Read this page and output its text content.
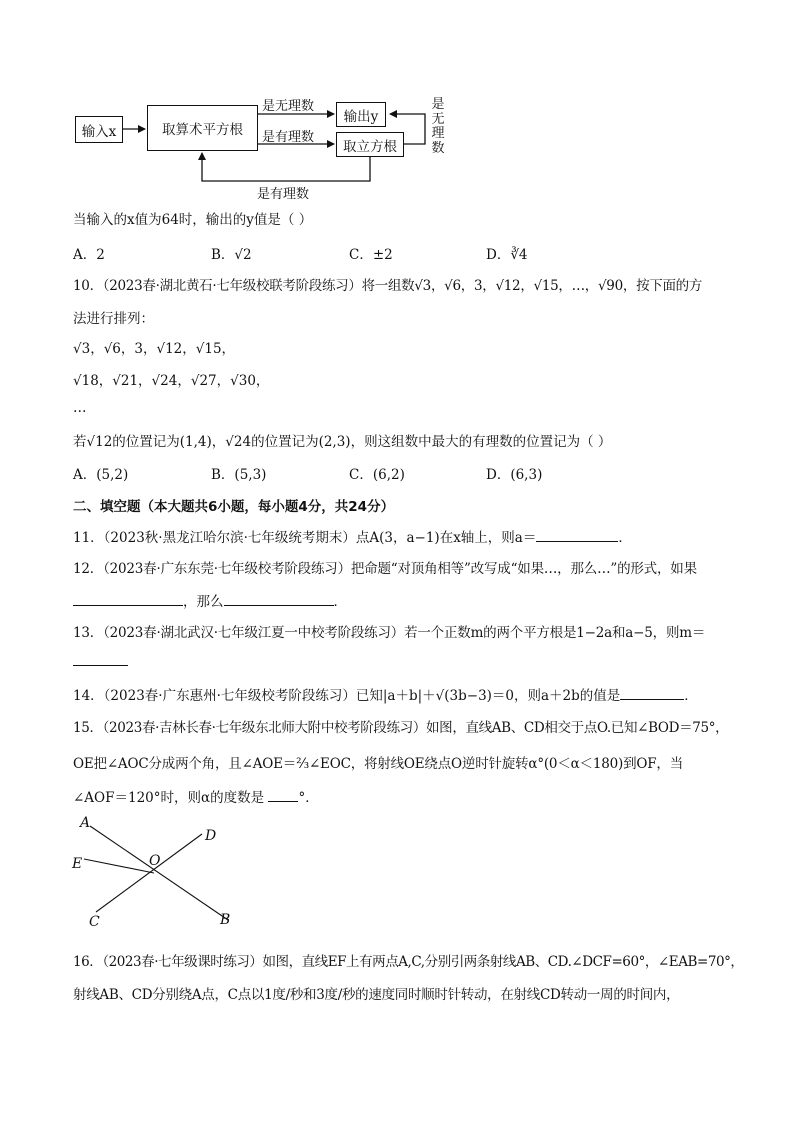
输入x	取算术平方根
输出y
取立方根
是无理数
是有理数
是有理数
是
无
理
数
当输入的x值为64时，输出的y值是（ ）
A．2	B．√2	C．±2	D．∛4
10．（2023春·湖北黄石·七年级校联考阶段练习）将一组数√3，√6，3，√12，√15，…，√90，按下面的方
法进行排列：
√3，√6，3，√12，√15，
√18，√21，√24，√27，√30，
…
若√12的位置记为(1,4)，√24的位置记为(2,3)，则这组数中最大的有理数的位置记为（ ）
A．(5,2)	B．(5,3)	C．(6,2)	D．(6,3)
二、填空题（本大题共6小题，每小题4分，共24分）
11．（2023秋·黑龙江哈尔滨·七年级统考期末）点A(3，a−1)在x轴上，则a＝	．
12．（2023春·广东东莞·七年级校考阶段练习）把命题“对顶角相等”改写成“如果…，那么…”的形式，如果
，那么	．
13．（2023春·湖北武汉·七年级江夏一中校考阶段练习）若一个正数m的两个平方根是1−2a和a−5，则m＝
14．（2023春·广东惠州·七年级校考阶段练习）已知|a＋b|＋√(3b−3)＝0，则a＋2b的值是	．
15．（2023春·吉林长春·七年级东北师大附中校考阶段练习）如图，直线AB、CD相交于点O.已知∠BOD＝75°，
OE把∠AOC分成两个角，且∠AOE＝⅔∠EOC，将射线OE绕点O逆时针旋转α°(0＜α＜180)到OF，当
∠AOF＝120°时，则α的度数是	°．
A
D
E	O
C	B
16．（2023春·七年级课时练习）如图，直线EF上有两点A,C,分别引两条射线AB、CD.∠DCF=60°，∠EAB=70°，
射线AB、CD分别绕A点，C点以1度/秒和3度/秒的速度同时顺时针转动，在射线CD转动一周的时间内，
